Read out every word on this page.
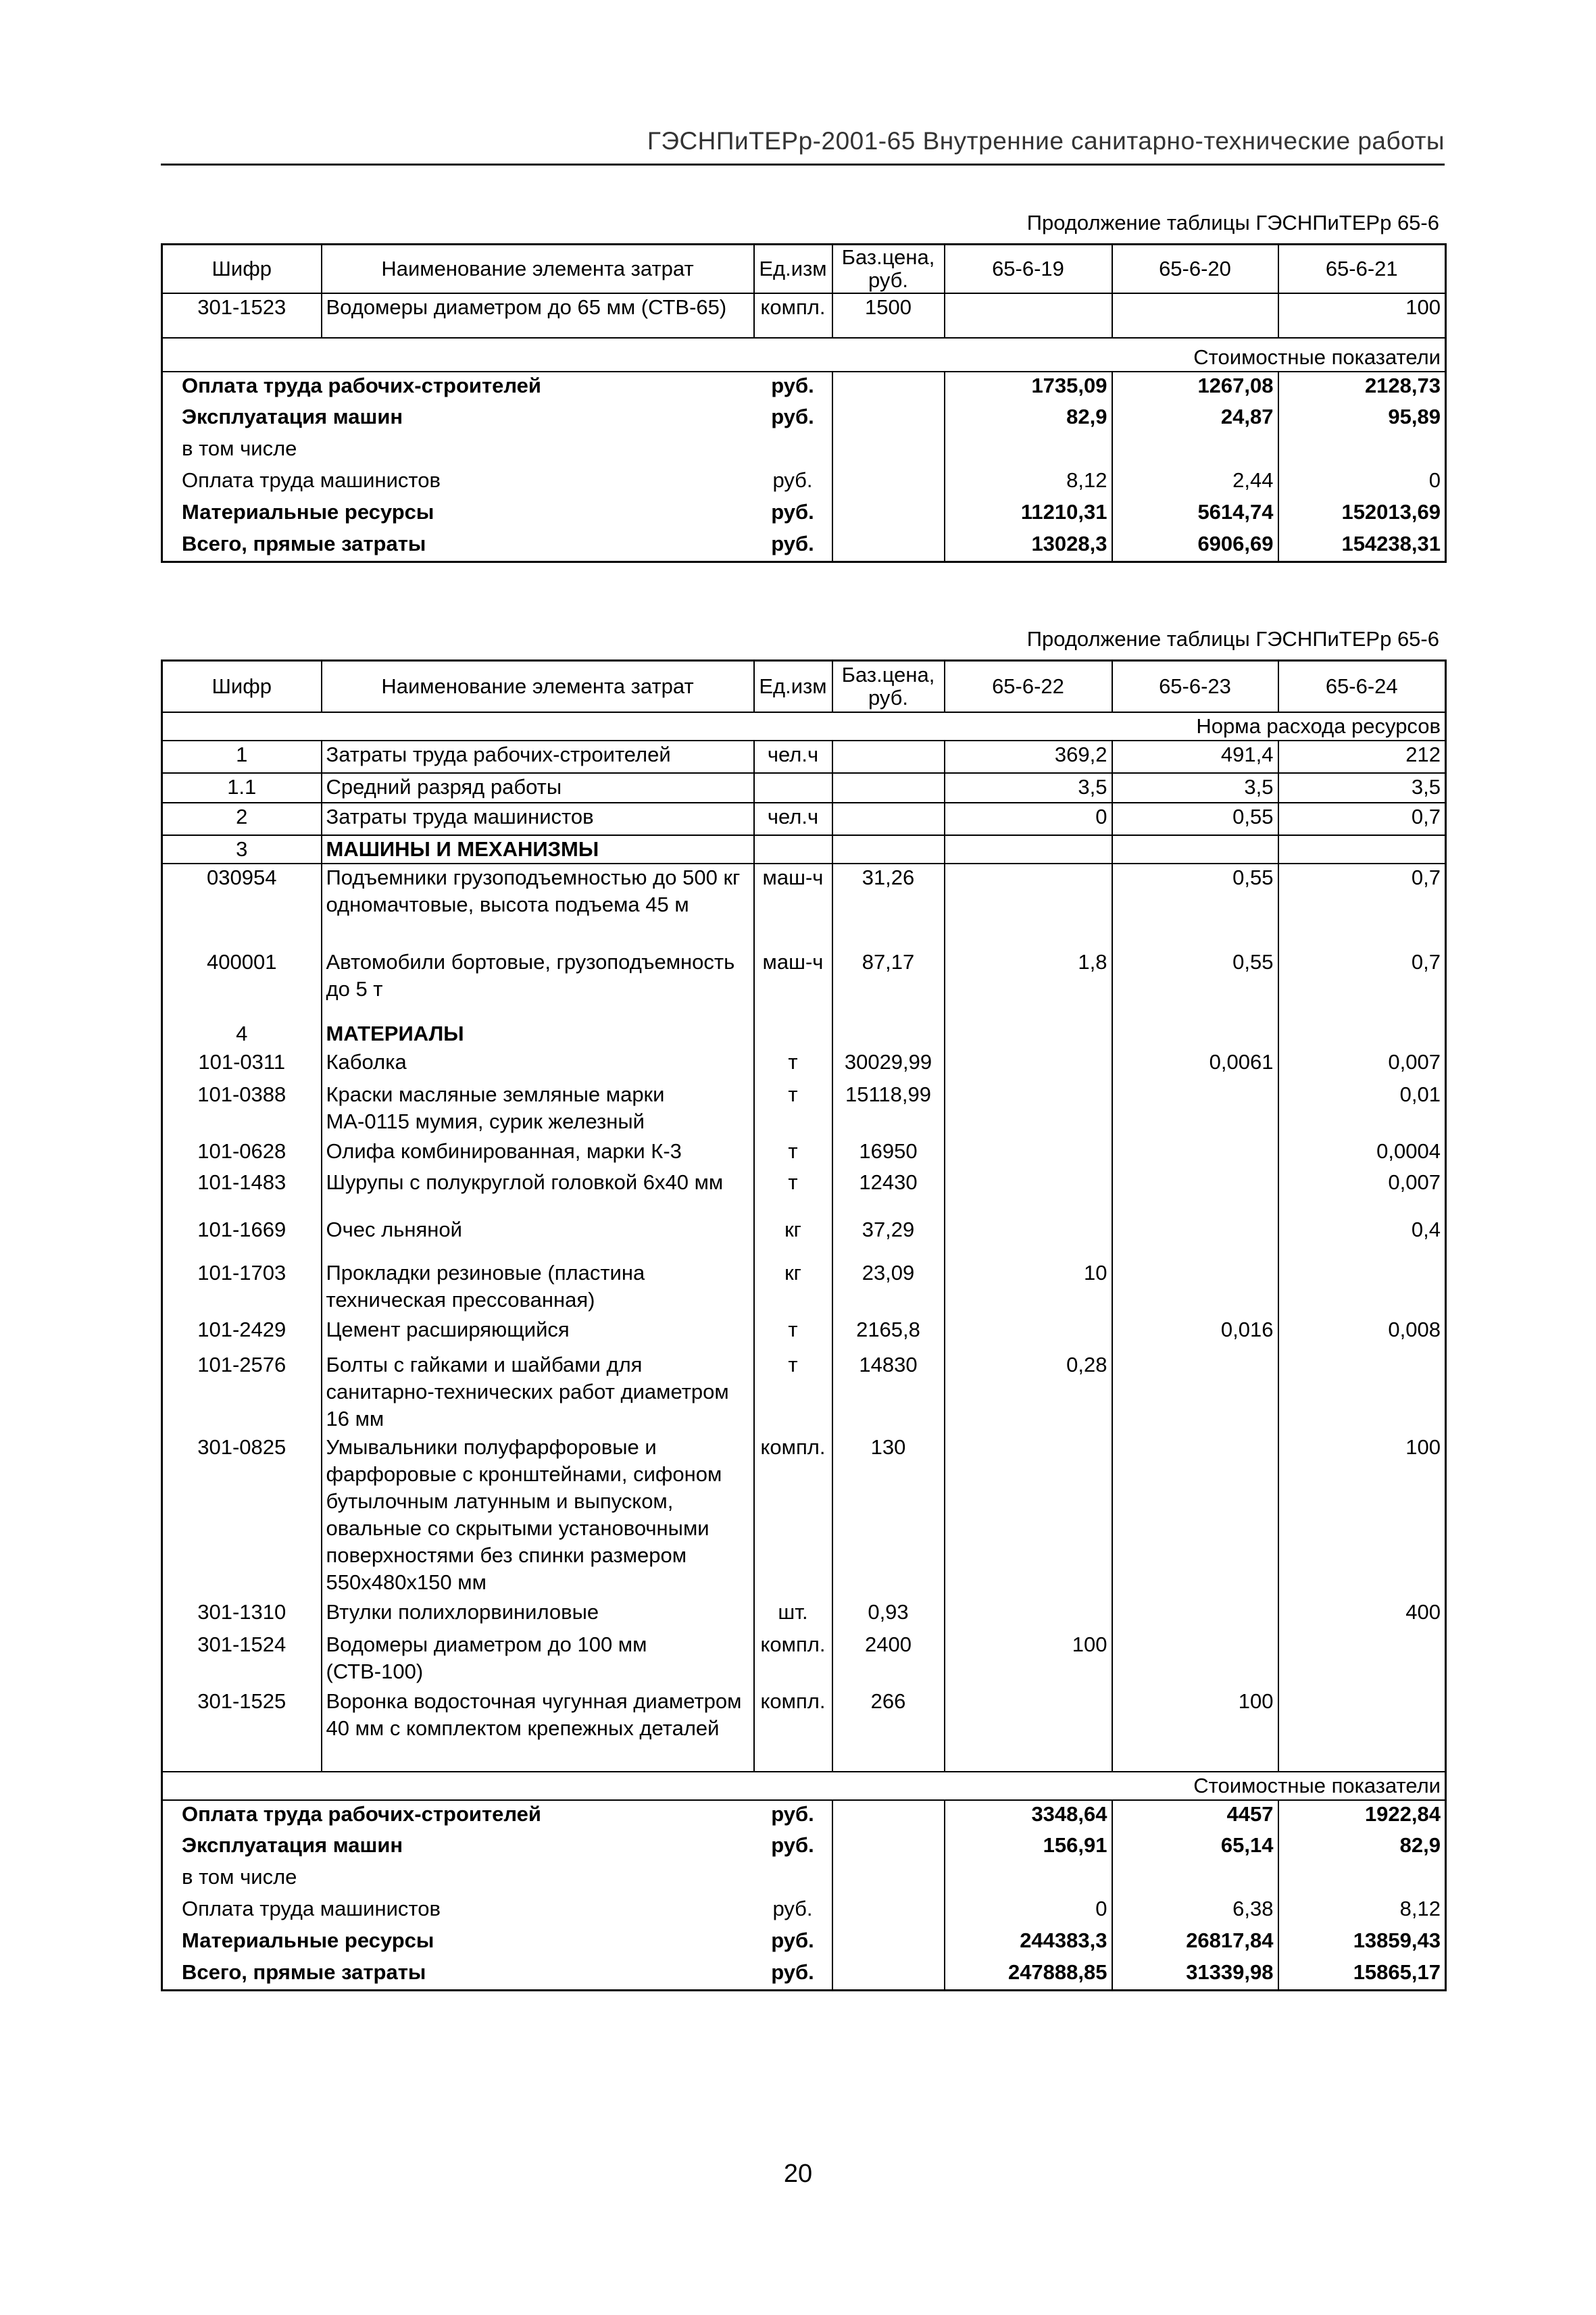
ГЭСНПиТЕРр-2001-65 Внутренние санитарно-технические работы
Продолжение таблицы ГЭСНПиТЕРр 65-6
Шифр	Наименование элемента затрат	Ед.изм	Баз.цена, руб.	65-6-19	65-6-20	65-6-21
301-1523	Водомеры диаметром до 65 мм (СТВ-65)	компл.	1500			100
Стоимостные показатели						
Оплата труда рабочих-строителей		руб.		1735,09	1267,08	2128,73
Эксплуатация машин		руб.		82,9	24,87	95,89
в том числе						
Оплата труда машинистов		руб.		8,12	2,44	0
Материальные ресурсы		руб.		11210,31	5614,74	152013,69
Всего, прямые затраты		руб.		13028,3	6906,69	154238,31
Продолжение таблицы ГЭСНПиТЕРр 65-6
Шифр	Наименование элемента затрат	Ед.изм	Баз.цена, руб.	65-6-22	65-6-23	65-6-24
Норма расхода ресурсов						
1	Затраты труда рабочих-строителей	чел.ч		369,2	491,4	212
1.1	Средний разряд работы			3,5	3,5	3,5
2	Затраты труда машинистов	чел.ч		0	0,55	0,7
3	МАШИНЫ И МЕХАНИЗМЫ					
030954	Подъемники грузоподъемностью до 500 кг одномачтовые, высота подъема 45 м	маш-ч	31,26		0,55	0,7
400001	Автомобили бортовые, грузоподъемность до 5 т	маш-ч	87,17	1,8	0,55	0,7
4	МАТЕРИАЛЫ					
101-0311	Каболка	т	30029,99		0,0061	0,007
101-0388	Краски масляные земляные марки МА-0115 мумия, сурик железный	т	15118,99			0,01
101-0628	Олифа комбинированная, марки К-3	т	16950			0,0004
101-1483	Шурупы с полукруглой головкой 6х40 мм	т	12430			0,007
101-1669	Очес льняной	кг	37,29			0,4
101-1703	Прокладки резиновые (пластина техническая прессованная)	кг	23,09	10		
101-2429	Цемент расширяющийся	т	2165,8		0,016	0,008
101-2576	Болты с гайками и шайбами для санитарно-технических работ диаметром 16 мм	т	14830	0,28		
301-0825	Умывальники полуфарфоровые и фарфоровые с кронштейнами, сифоном бутылочным латунным и выпуском, овальные со скрытыми установочными поверхностями без спинки размером 550х480х150 мм	компл.	130			100
301-1310	Втулки полихлорвиниловые	шт.	0,93			400
301-1524	Водомеры диаметром до 100 мм (СТВ-100)	компл.	2400	100		
301-1525	Воронка водосточная чугунная диаметром 40 мм с комплектом крепежных деталей	компл.	266		100	
Стоимостные показатели						
Оплата труда рабочих-строителей		руб.		3348,64	4457	1922,84
Эксплуатация машин		руб.		156,91	65,14	82,9
в том числе						
Оплата труда машинистов		руб.		0	6,38	8,12
Материальные ресурсы		руб.		244383,3	26817,84	13859,43
Всего, прямые затраты		руб.		247888,85	31339,98	15865,17
20
